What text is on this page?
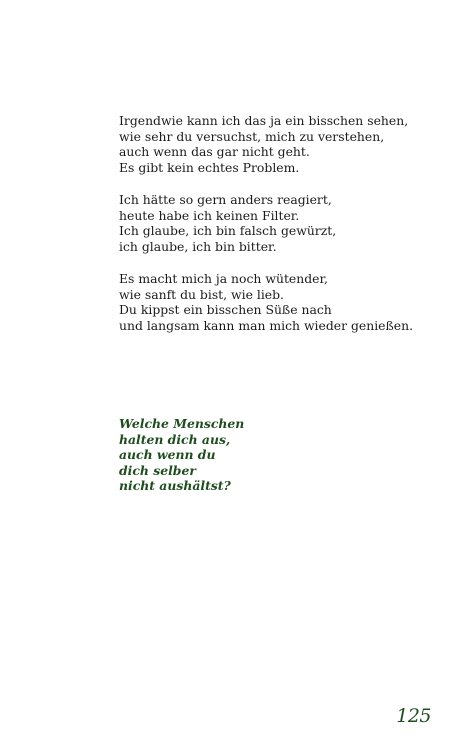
Irgendwie kann ich das ja ein bisschen sehen,
wie sehr du versuchst, mich zu verstehen,
auch wenn das gar nicht geht.
Es gibt kein echtes Problem.
Ich hätte so gern anders reagiert,
heute habe ich keinen Filter.
Ich glaube, ich bin falsch gewürzt,
ich glaube, ich bin bitter.
Es macht mich ja noch wütender,
wie sanft du bist, wie lieb.
Du kippst ein bisschen Süße nach
und langsam kann man mich wieder genießen.
Welche Menschen
halten dich aus,
auch wenn du
dich selber
nicht aushältst?
125
